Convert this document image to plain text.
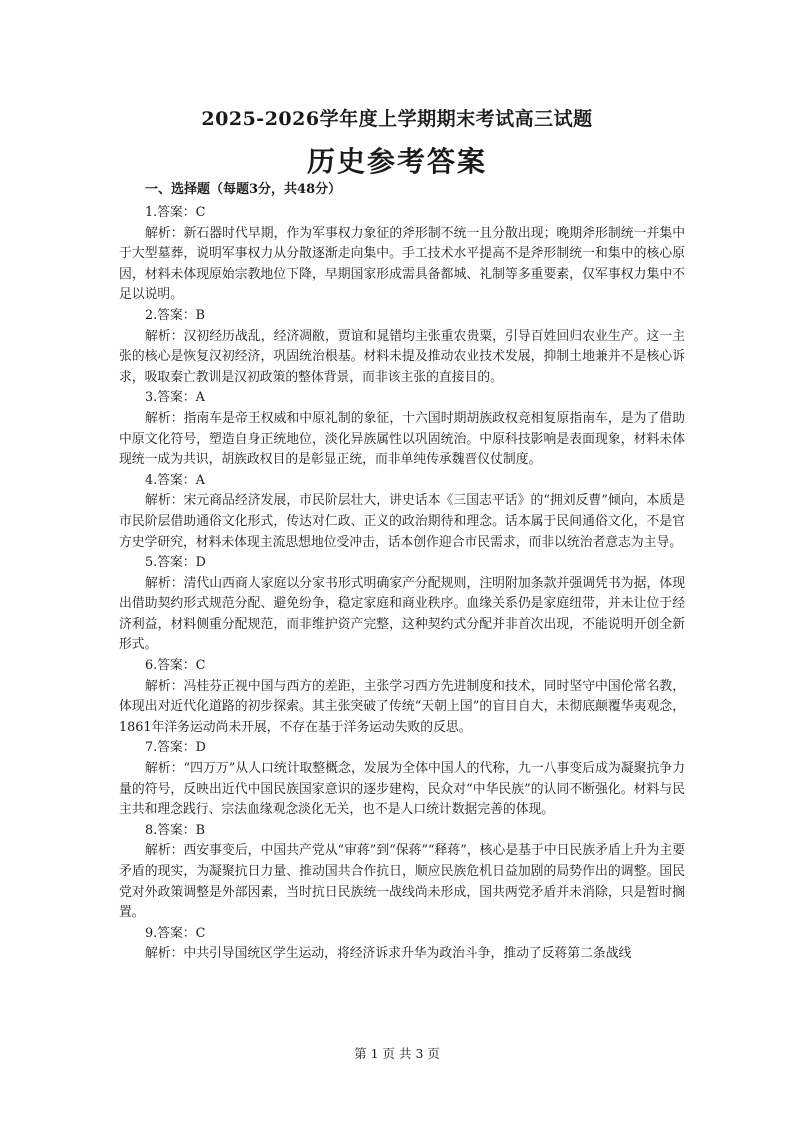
2025-2026学年度上学期期末考试高三试题
历史参考答案
一、选择题（每题3分，共48分）
1.答案：C

解析：新石器时代早期，作为军事权力象征的斧形制不统一且分散出现；晚期斧形制统一并集中于大型墓葬，说明军事权力从分散逐渐走向集中。手工技术水平提高不是斧形制统一和集中的核心原因，材料未体现原始宗教地位下降，早期国家形成需具备都城、礼制等多重要素，仅军事权力集中不足以说明。

2.答案：B

解析：汉初经历战乱，经济凋敝，贾谊和晁错均主张重农贵粟，引导百姓回归农业生产。这一主张的核心是恢复汉初经济，巩固统治根基。材料未提及推动农业技术发展，抑制土地兼并不是核心诉求，吸取秦亡教训是汉初政策的整体背景，而非该主张的直接目的。

3.答案：A

解析：指南车是帝王权威和中原礼制的象征，十六国时期胡族政权竞相复原指南车，是为了借助中原文化符号，塑造自身正统地位，淡化异族属性以巩固统治。中原科技影响是表面现象，材料未体现统一成为共识，胡族政权目的是彰显正统，而非单纯传承魏晋仪仗制度。

4.答案：A

解析：宋元商品经济发展，市民阶层壮大，讲史话本《三国志平话》的“拥刘反曹”倾向，本质是市民阶层借助通俗文化形式，传达对仁政、正义的政治期待和理念。话本属于民间通俗文化，不是官方史学研究，材料未体现主流思想地位受冲击，话本创作迎合市民需求，而非以统治者意志为主导。

5.答案：D

解析：清代山西商人家庭以分家书形式明确家产分配规则，注明附加条款并强调凭书为据，体现出借助契约形式规范分配、避免纷争，稳定家庭和商业秩序。血缘关系仍是家庭纽带，并未让位于经济利益，材料侧重分配规范，而非维护资产完整，这种契约式分配并非首次出现，不能说明开创全新形式。

6.答案：C

解析：冯桂芬正视中国与西方的差距，主张学习西方先进制度和技术，同时坚守中国伦常名教，体现出对近代化道路的初步探索。其主张突破了传统“天朝上国”的盲目自大，未彻底颠覆华夷观念，1861年洋务运动尚未开展，不存在基于洋务运动失败的反思。

7.答案：D

解析：“四万万”从人口统计取整概念，发展为全体中国人的代称，九一八事变后成为凝聚抗争力量的符号，反映出近代中国民族国家意识的逐步建构，民众对“中华民族”的认同不断强化。材料与民主共和理念践行、宗法血缘观念淡化无关，也不是人口统计数据完善的体现。

8.答案：B

解析：西安事变后，中国共产党从“审蒋”到“保蒋”“释蒋”，核心是基于中日民族矛盾上升为主要矛盾的现实，为凝聚抗日力量、推动国共合作抗日，顺应民族危机日益加剧的局势作出的调整。国民党对外政策调整是外部因素，当时抗日民族统一战线尚未形成，国共两党矛盾并未消除，只是暂时搁置。

9.答案：C

解析：中共引导国统区学生运动，将经济诉求升华为政治斗争，推动了反蒋第二条战线

第 1 页 共 3 页
